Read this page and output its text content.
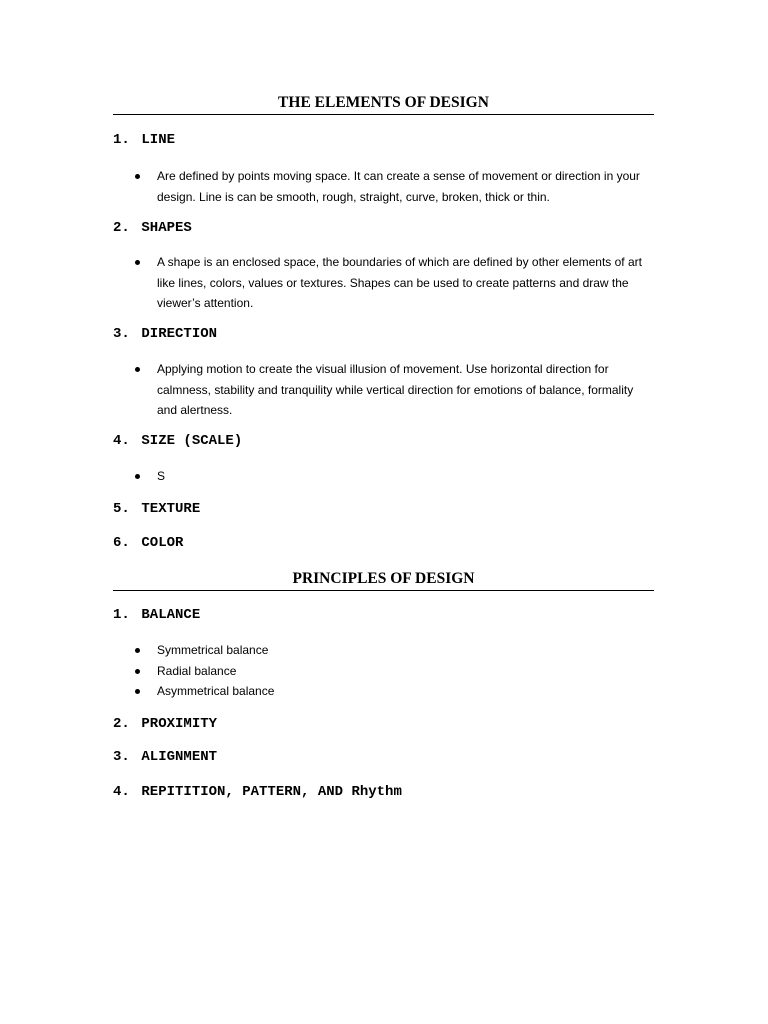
THE ELEMENTS OF DESIGN
1. LINE
Are defined by points moving space. It can create a sense of movement or direction in your design. Line is can be smooth, rough, straight, curve, broken, thick or thin.
2. SHAPES
A shape is an enclosed space, the boundaries of which are defined by other elements of art like lines, colors, values or textures. Shapes can be used to create patterns and draw the viewer’s attention.
3. DIRECTION
Applying motion to create the visual illusion of movement. Use horizontal direction for calmness, stability and tranquility while vertical direction for emotions of balance, formality and alertness.
4. SIZE (SCALE)
S
5. TEXTURE
6. COLOR
PRINCIPLES OF DESIGN
1. BALANCE
Symmetrical balance
Radial balance
Asymmetrical balance
2. PROXIMITY
3. ALIGNMENT
4. REPITITION, PATTERN, AND Rhythm
